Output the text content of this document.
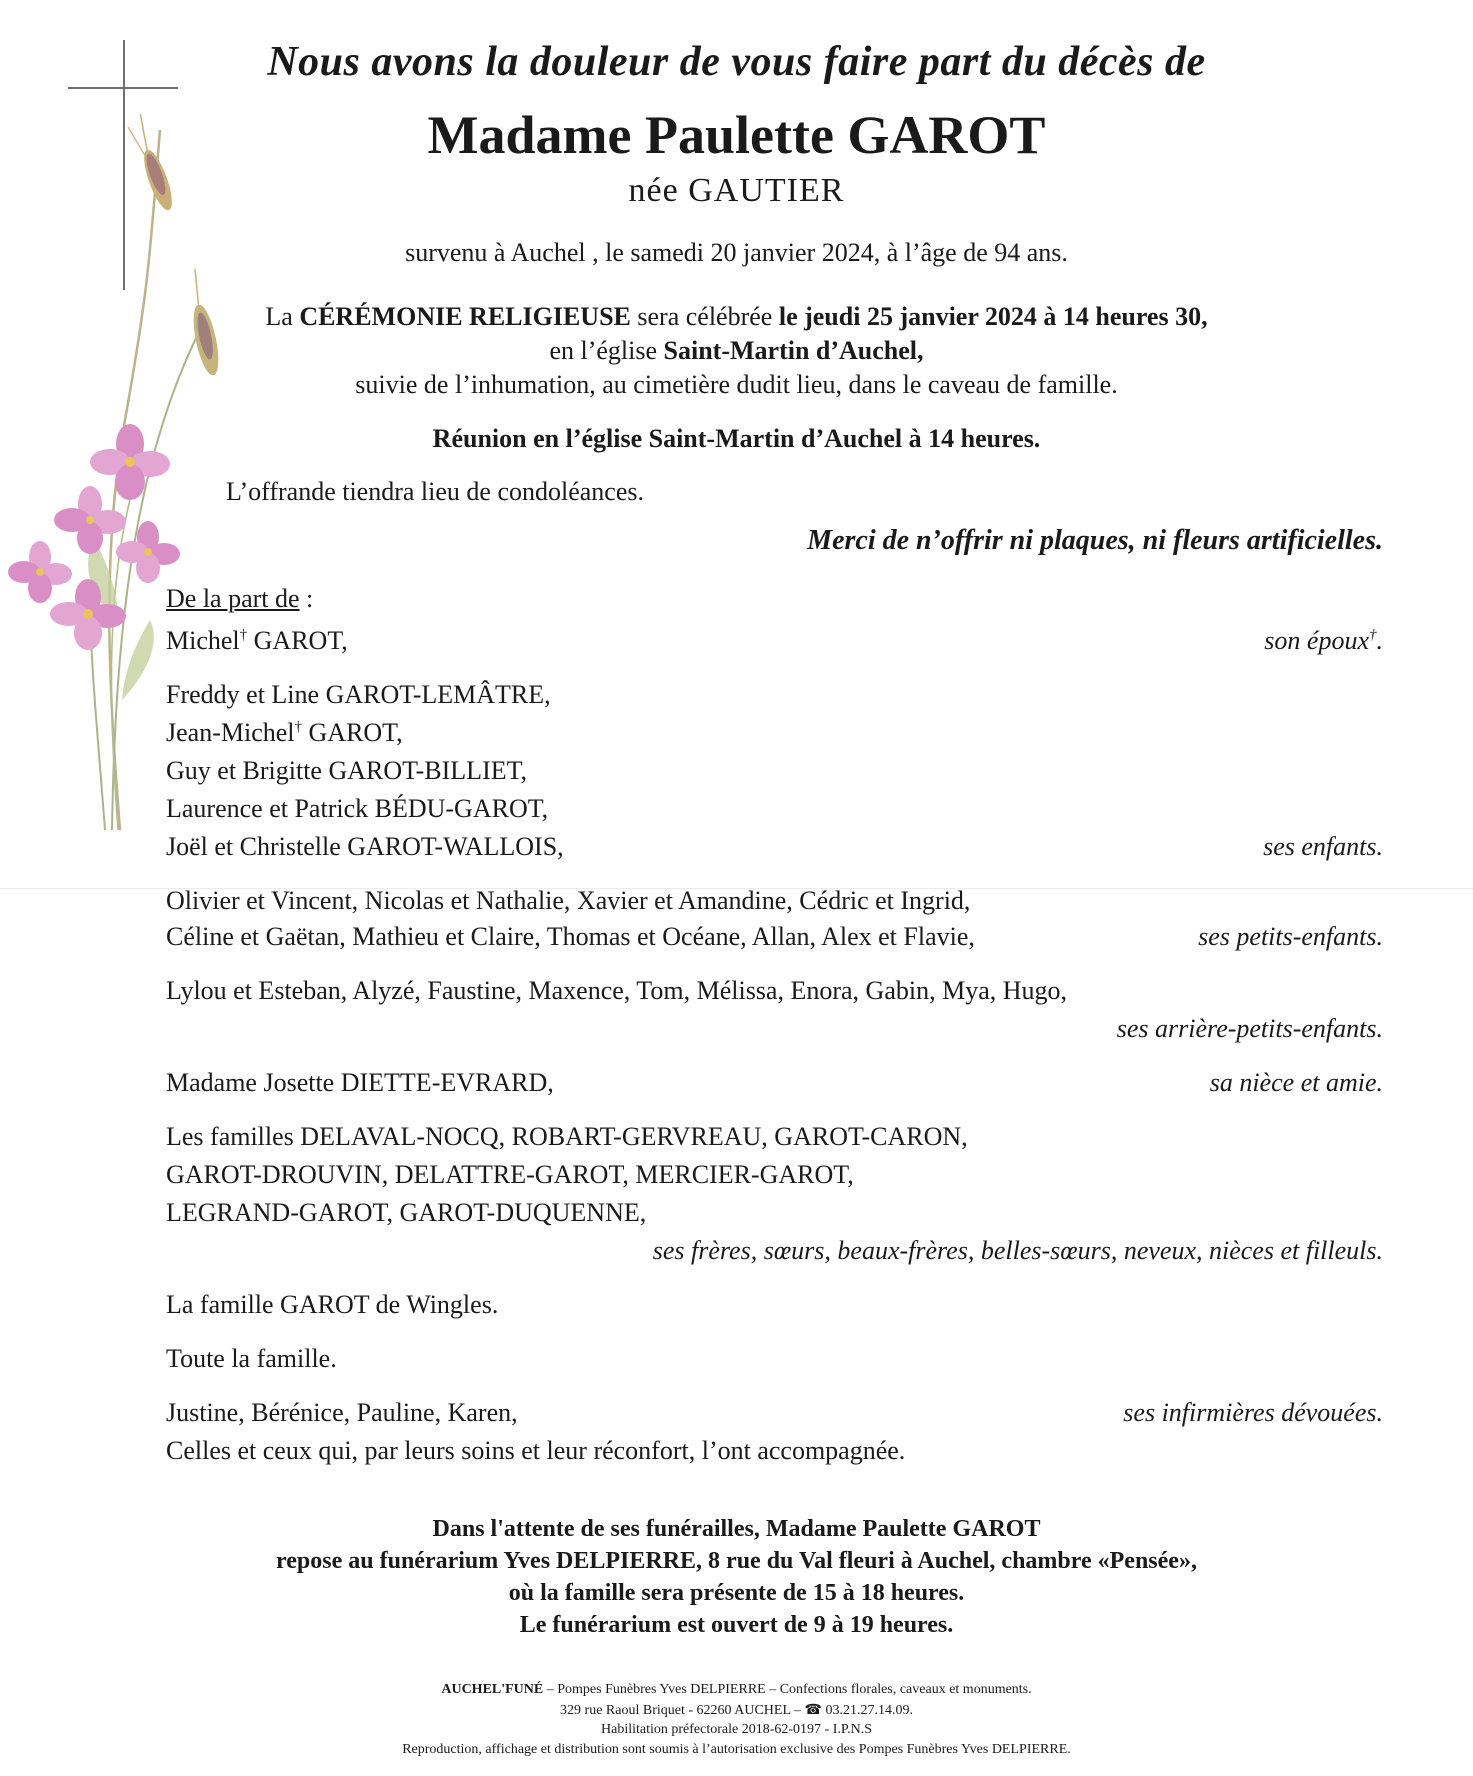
Nous avons la douleur de vous faire part du décès de
Madame Paulette GAROT
née GAUTIER
survenu à Auchel , le samedi 20 janvier 2024, à l’âge de 94 ans.
La CÉRÉMONIE RELIGIEUSE sera célébrée le jeudi 25 janvier 2024 à 14 heures 30,
en l’église Saint-Martin d’Auchel,
suivie de l’inhumation, au cimetière dudit lieu, dans le caveau de famille.
Réunion en l’église Saint-Martin d’Auchel à 14 heures.
L’offrande tiendra lieu de condoléances.
Merci de n’offrir ni plaques, ni fleurs artificielles.
De la part de :
Michel† GAROT,	son époux†.
Freddy et Line GAROT-LEMÂTRE,
Jean-Michel† GAROT,
Guy et Brigitte GAROT-BILLIET,
Laurence et Patrick BÉDU-GAROT,
Joël et Christelle GAROT-WALLOIS,	ses enfants.
Olivier et Vincent, Nicolas et Nathalie, Xavier et Amandine, Cédric et Ingrid,
Céline et Gaëtan, Mathieu et Claire, Thomas et Océane, Allan, Alex et Flavie,	ses petits-enfants.
Lylou et Esteban, Alyzé, Faustine, Maxence, Tom, Mélissa, Enora, Gabin, Mya, Hugo,
ses arrière-petits-enfants.
Madame Josette DIETTE-EVRARD,	sa nièce et amie.
Les familles DELAVAL-NOCQ, ROBART-GERVREAU, GAROT-CARON,
GAROT-DROUVIN, DELATTRE-GAROT, MERCIER-GAROT,
LEGRAND-GAROT, GAROT-DUQUENNE,
ses frères, sœurs, beaux-frères, belles-sœurs, neveux, nièces et filleuls.
La famille GAROT de Wingles.
Toute la famille.
Justine, Bérénice, Pauline, Karen,	ses infirmières dévouées.
Celles et ceux qui, par leurs soins et leur réconfort, l’ont accompagnée.
Dans l'attente de ses funérailles, Madame Paulette GAROT
repose au funérarium Yves DELPIERRE, 8 rue du Val fleuri à Auchel, chambre «Pensée»,
où la famille sera présente de 15 à 18 heures.
Le funérarium est ouvert de 9 à 19 heures.
AUCHEL'FUNÉ – Pompes Funèbres Yves DELPIERRE – Confections florales, caveaux et monuments.
329 rue Raoul Briquet - 62260 AUCHEL – ☎ 03.21.27.14.09.
Habilitation préfectorale 2018-62-0197 - I.P.N.S
Reproduction, affichage et distribution sont soumis à l’autorisation exclusive des Pompes Funèbres Yves DELPIERRE.
